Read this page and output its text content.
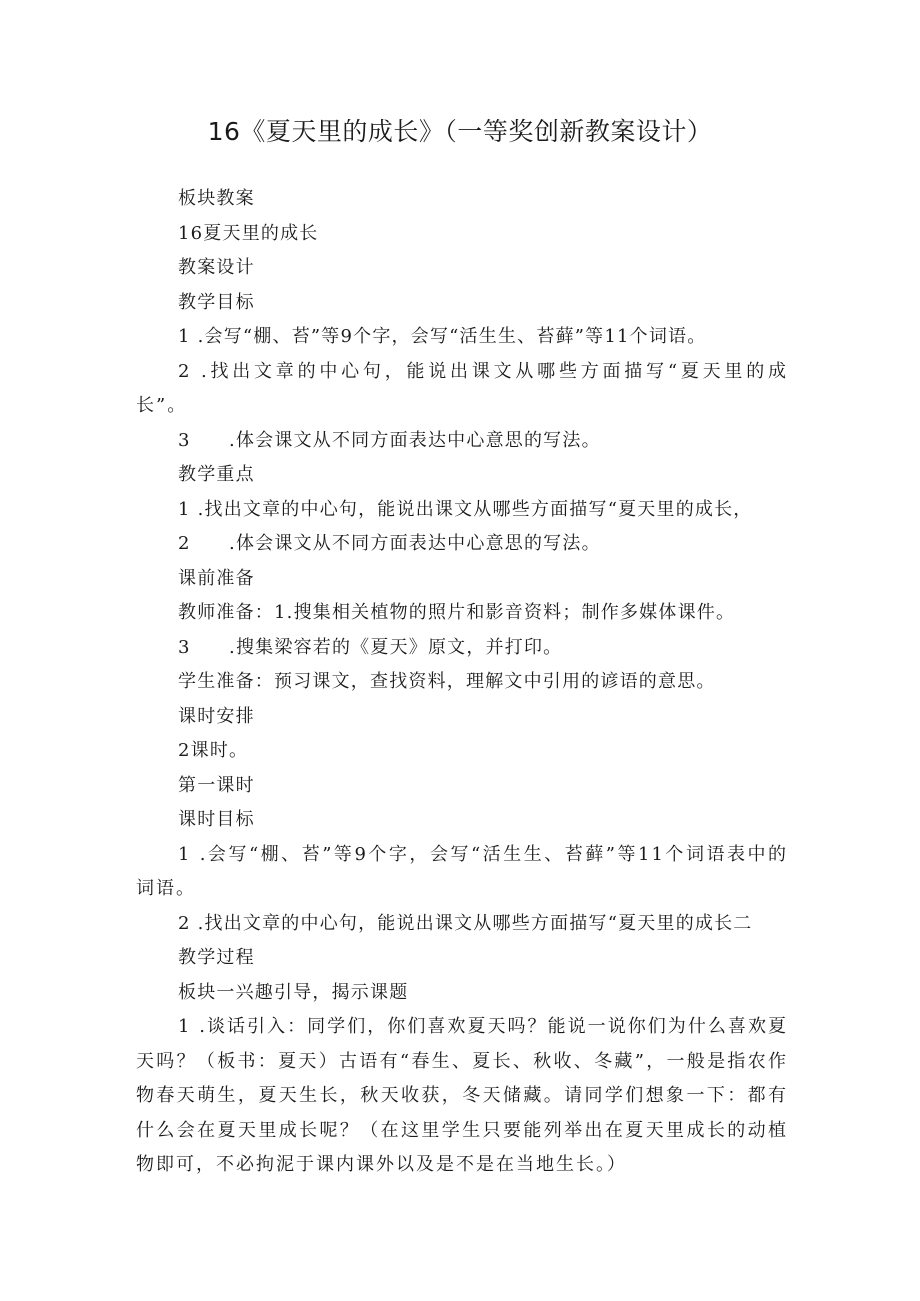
16《夏天里的成长》（一等奖创新教案设计）

板块教案

16夏天里的成长

教案设计

教学目标

1 .会写“棚、苔”等9个字，会写“活生生、苔藓”等11个词语。

2 .找出文章的中心句，能说出课文从哪些方面描写“夏天里的成长”。

3　　.体会课文从不同方面表达中心意思的写法。

教学重点

1 .找出文章的中心句，能说出课文从哪些方面描写“夏天里的成长，

2　　.体会课文从不同方面表达中心意思的写法。

课前准备

教师准备：1.搜集相关植物的照片和影音资料；制作多媒体课件。

3　　.搜集梁容若的《夏天》原文，并打印。

学生准备：预习课文，查找资料，理解文中引用的谚语的意思。

课时安排

2课时。

第一课时

课时目标

1 .会写“棚、苔”等9个字，会写“活生生、苔藓”等11个词语表中的词语。

2 .找出文章的中心句，能说出课文从哪些方面描写“夏天里的成长二

教学过程

板块一兴趣引导，揭示课题

1 .谈话引入：同学们，你们喜欢夏天吗？能说一说你们为什么喜欢夏天吗？（板书：夏天）古语有“春生、夏长、秋收、冬藏”，一般是指农作物春天萌生，夏天生长，秋天收获，冬天储藏。请同学们想象一下：都有什么会在夏天里成长呢？（在这里学生只要能列举出在夏天里成长的动植物即可，不必拘泥于课内课外以及是不是在当地生长。）
